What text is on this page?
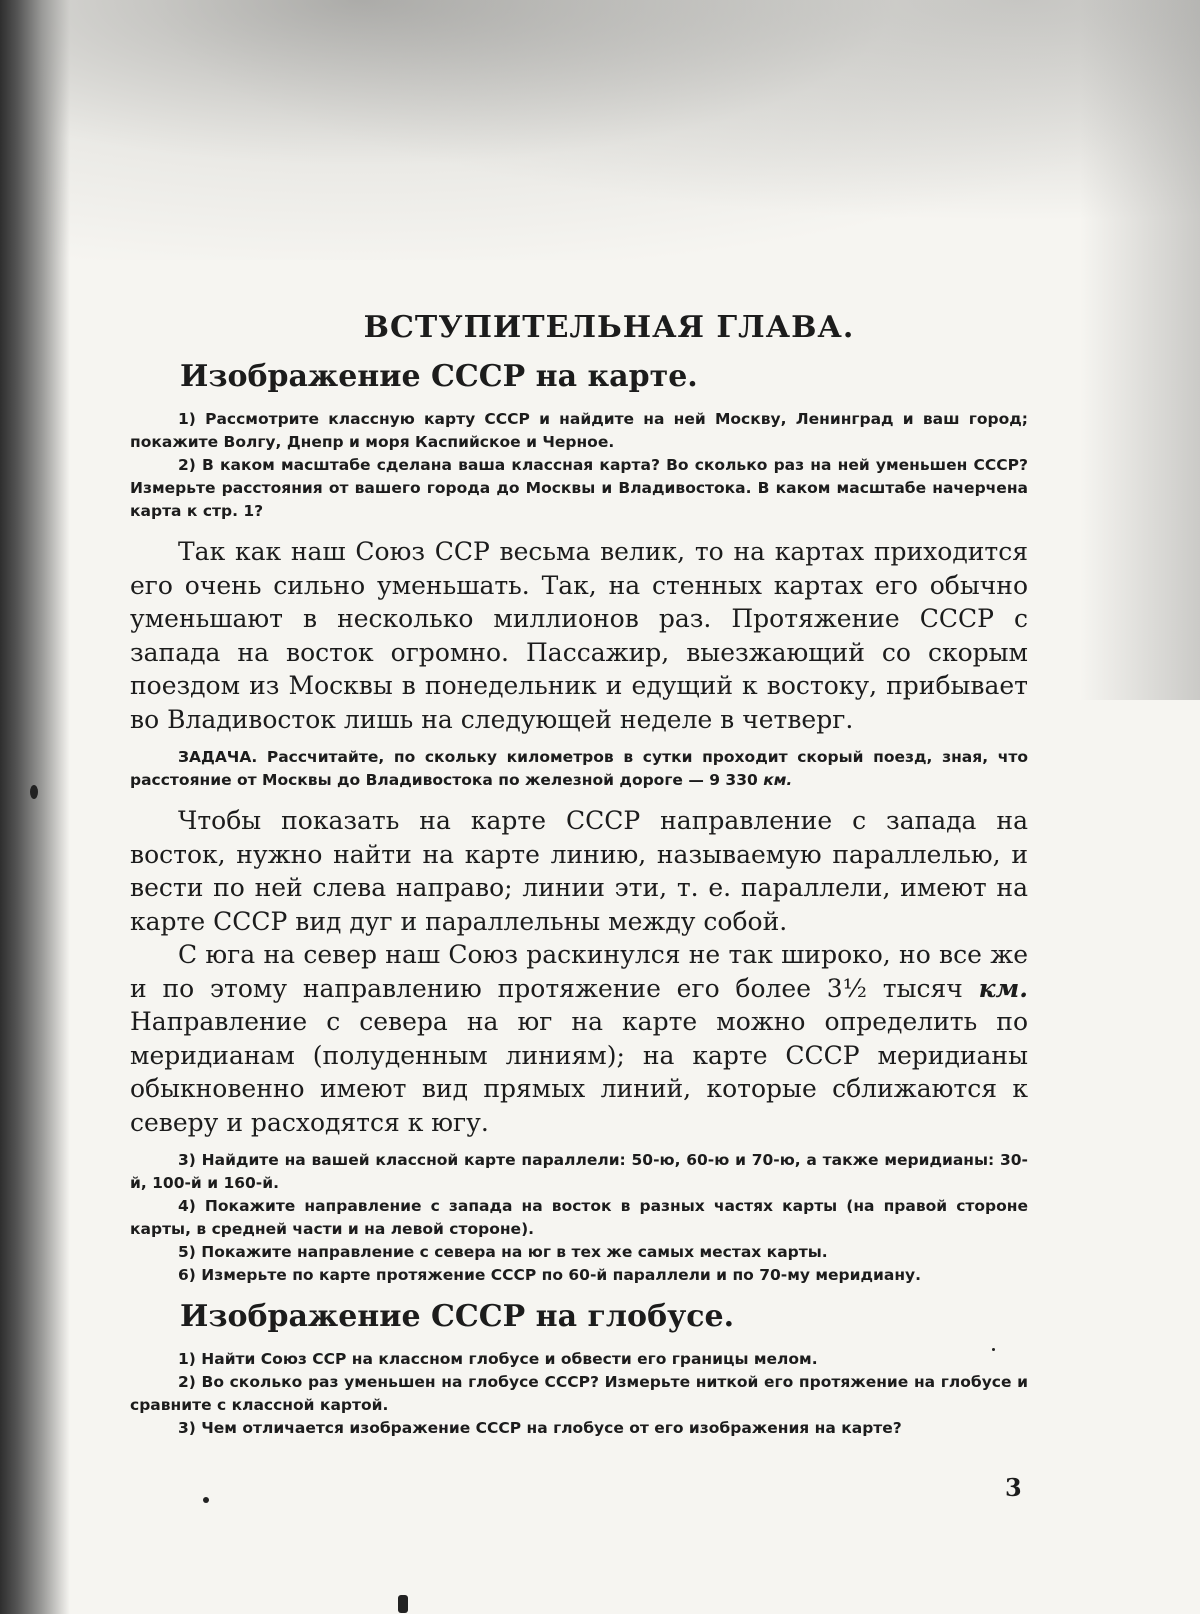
ВСТУПИТЕЛЬНАЯ ГЛАВА.
Изображение СССР на карте.

1) Рассмотрите классную карту СССР и найдите на ней Москву, Ленинград и ваш город; покажите Волгу, Днепр и моря Каспийское и Черное.

2) В каком масштабе сделана ваша классная карта? Во сколько раз на ней уменьшен СССР? Измерьте расстояния от вашего города до Москвы и Владивостока. В каком масштабе начерчена карта к стр. 1?

Так как наш Союз ССР весьма велик, то на картах приходится его очень сильно уменьшать. Так, на стенных картах его обычно уменьшают в несколько миллионов раз. Протяжение СССР с запада на восток огромно. Пассажир, выезжающий со скорым поездом из Москвы в понедельник и едущий к востоку, прибывает во Владивосток лишь на следующей неделе в четверг.

ЗАДАЧА. Рассчитайте, по скольку километров в сутки проходит скорый поезд, зная, что расстояние от Москвы до Владивостока по железной дороге — 9 330 км.

Чтобы показать на карте СССР направление с запада на восток, нужно найти на карте линию, называемую параллелью, и вести по ней слева направо; линии эти, т. е. параллели, имеют на карте СССР вид дуг и параллельны между собой.

С юга на север наш Союз раскинулся не так широко, но все же и по этому направлению протяжение его более 3½ тысяч км. Направление с севера на юг на карте можно определить по меридианам (полуденным линиям); на карте СССР меридианы обыкновенно имеют вид прямых линий, которые сближаются к северу и расходятся к югу.

3) Найдите на вашей классной карте параллели: 50-ю, 60-ю и 70-ю, а также меридианы: 30-й, 100-й и 160-й.

4) Покажите направление с запада на восток в разных частях карты (на правой стороне карты, в средней части и на левой стороне).

5) Покажите направление с севера на юг в тех же самых местах карты.

6) Измерьте по карте протяжение СССР по 60-й параллели и по 70-му меридиану.

Изображение СССР на глобусе.

1) Найти Союз ССР на классном глобусе и обвести его границы мелом.

2) Во сколько раз уменьшен на глобусе СССР? Измерьте ниткой его протяжение на глобусе и сравните с классной картой.

3) Чем отличается изображение СССР на глобусе от его изображения на карте?

3
